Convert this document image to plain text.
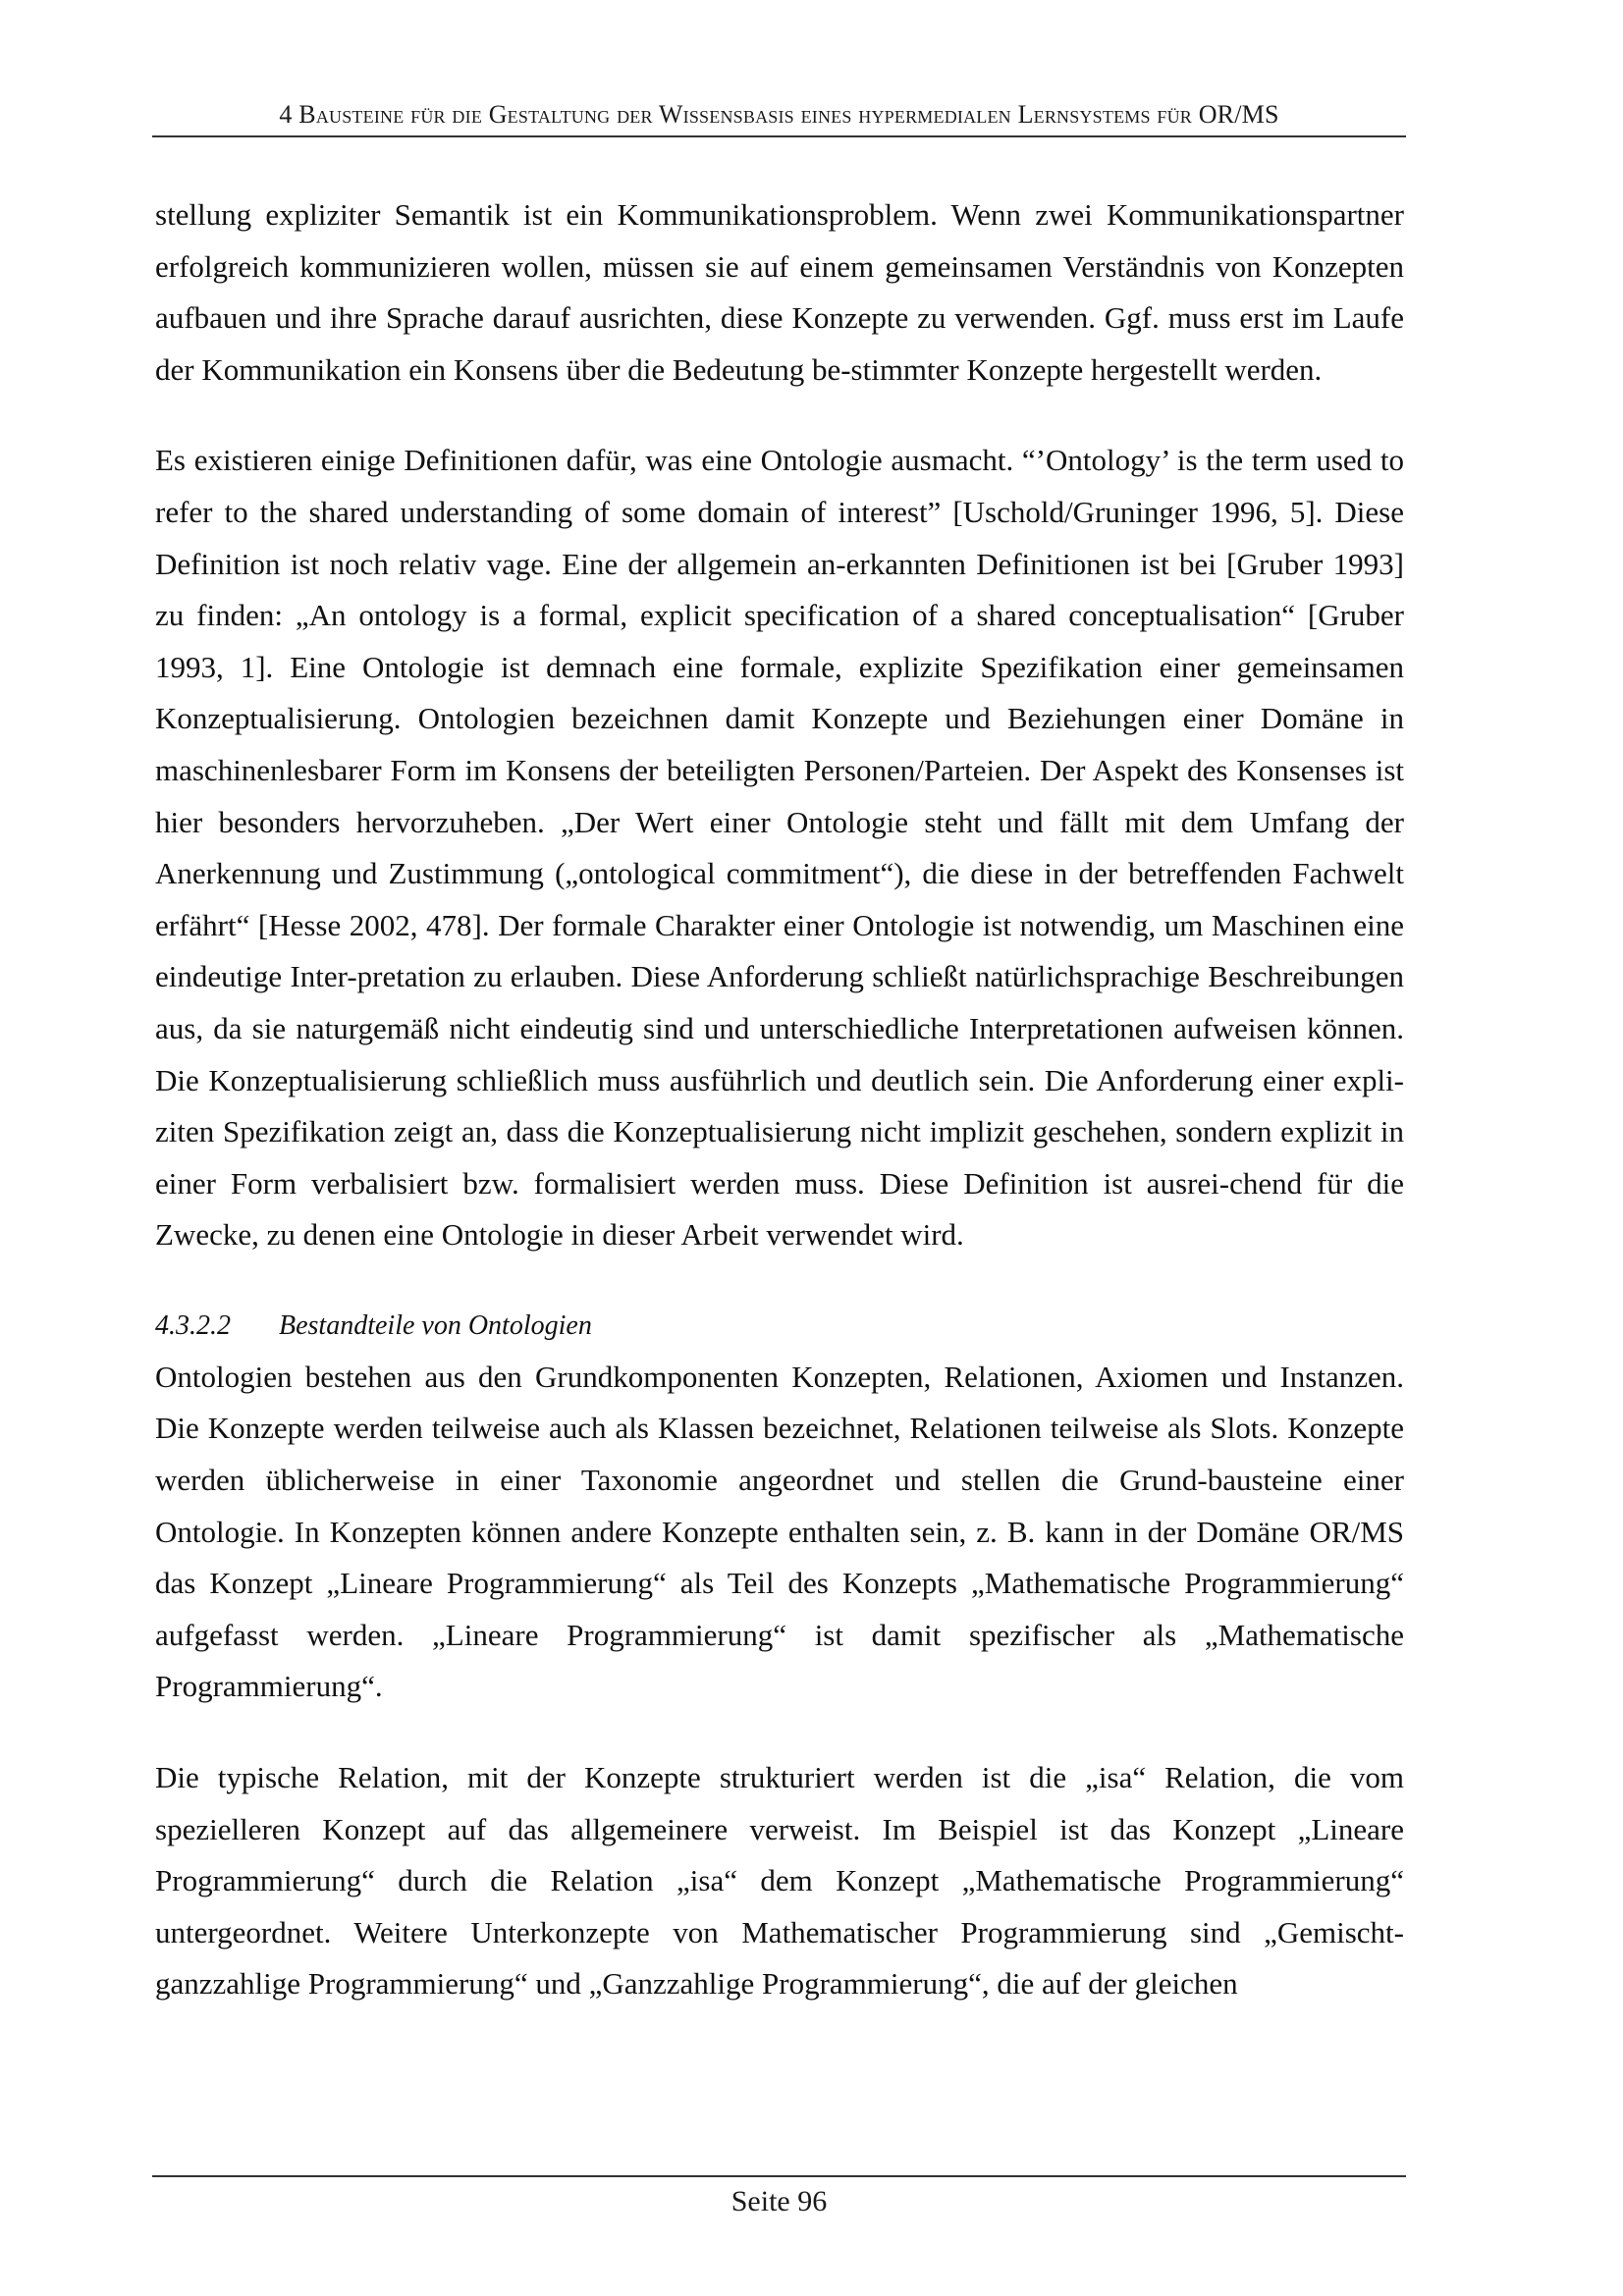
4 Bausteine für die Gestaltung der Wissensbasis eines hypermedialen Lernsystems für OR/MS

stellung expliziter Semantik ist ein Kommunikationsproblem. Wenn zwei Kommunikationspartner erfolgreich kommunizieren wollen, müssen sie auf einem gemeinsamen Verständnis von Konzepten aufbauen und ihre Sprache darauf ausrichten, diese Konzepte zu verwenden. Ggf. muss erst im Laufe der Kommunikation ein Konsens über die Bedeutung be-stimmter Konzepte hergestellt werden.

Es existieren einige Definitionen dafür, was eine Ontologie ausmacht. “’Ontology’ is the term used to refer to the shared understanding of some domain of interest” [Uschold/Gruninger 1996, 5]. Diese Definition ist noch relativ vage. Eine der allgemein an-erkannten Definitionen ist bei [Gruber 1993] zu finden: „An ontology is a formal, explicit specification of a shared conceptualisation“ [Gruber 1993, 1]. Eine Ontologie ist demnach eine formale, explizite Spezifikation einer gemeinsamen Konzeptualisierung. Ontologien bezeichnen damit Konzepte und Beziehungen einer Domäne in maschinenlesbarer Form im Konsens der beteiligten Personen/Parteien. Der Aspekt des Konsenses ist hier besonders hervorzuheben. „Der Wert einer Ontologie steht und fällt mit dem Umfang der Anerkennung und Zustimmung („ontological commitment“), die diese in der betreffenden Fachwelt erfährt“ [Hesse 2002, 478]. Der formale Charakter einer Ontologie ist notwendig, um Maschinen eine eindeutige Inter-pretation zu erlauben. Diese Anforderung schließt natürlichsprachige Beschreibungen aus, da sie naturgemäß nicht eindeutig sind und unterschiedliche Interpretationen aufweisen können. Die Konzeptualisierung schließlich muss ausführlich und deutlich sein. Die Anforderung einer expli-ziten Spezifikation zeigt an, dass die Konzeptualisierung nicht implizit geschehen, sondern explizit in einer Form verbalisiert bzw. formalisiert werden muss. Diese Definition ist ausrei-chend für die Zwecke, zu denen eine Ontologie in dieser Arbeit verwendet wird.

4.3.2.2 Bestandteile von Ontologien

Ontologien bestehen aus den Grundkomponenten Konzepten, Relationen, Axiomen und Instanzen. Die Konzepte werden teilweise auch als Klassen bezeichnet, Relationen teilweise als Slots. Konzepte werden üblicherweise in einer Taxonomie angeordnet und stellen die Grund-bausteine einer Ontologie. In Konzepten können andere Konzepte enthalten sein, z. B. kann in der Domäne OR/MS das Konzept „Lineare Programmierung“ als Teil des Konzepts „Mathematische Programmierung“ aufgefasst werden. „Lineare Programmierung“ ist damit spezifischer als „Mathematische Programmierung“.

Die typische Relation, mit der Konzepte strukturiert werden ist die „isa“ Relation, die vom spezielleren Konzept auf das allgemeinere verweist. Im Beispiel ist das Konzept „Lineare Programmierung“ durch die Relation „isa“ dem Konzept „Mathematische Programmierung“ untergeordnet. Weitere Unterkonzepte von Mathematischer Programmierung sind „Gemischt-ganzzahlige Programmierung“ und „Ganzzahlige Programmierung“, die auf der gleichen

Seite 96
